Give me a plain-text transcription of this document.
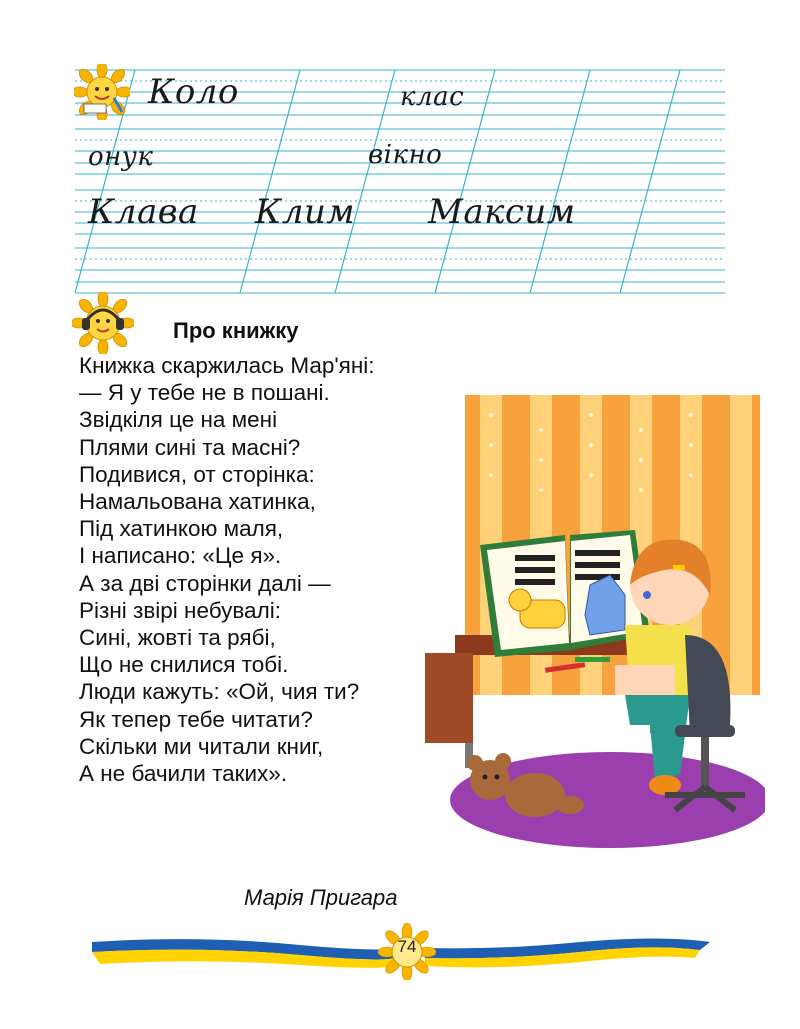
Коло	клас
онук	вікно
Клава Клим Максим
Про книжку
Книжка скаржилась Мар'яні:
— Я у тебе не в пошані.
Звідкіля це на мені
Плями сині та масні?
Подивися, от сторінка:
Намальована хатинка,
Під хатинкою маля,
І написано: «Це я».
А за дві сторінки далі —
Різні звірі небувалі:
Сині, жовті та рябі,
Що не снилися тобі.
Люди кажуть: «Ой, чия ти?
Як тепер тебе читати?
Скільки ми читали книг,
А не бачили таких».
Марія Пригара
74
